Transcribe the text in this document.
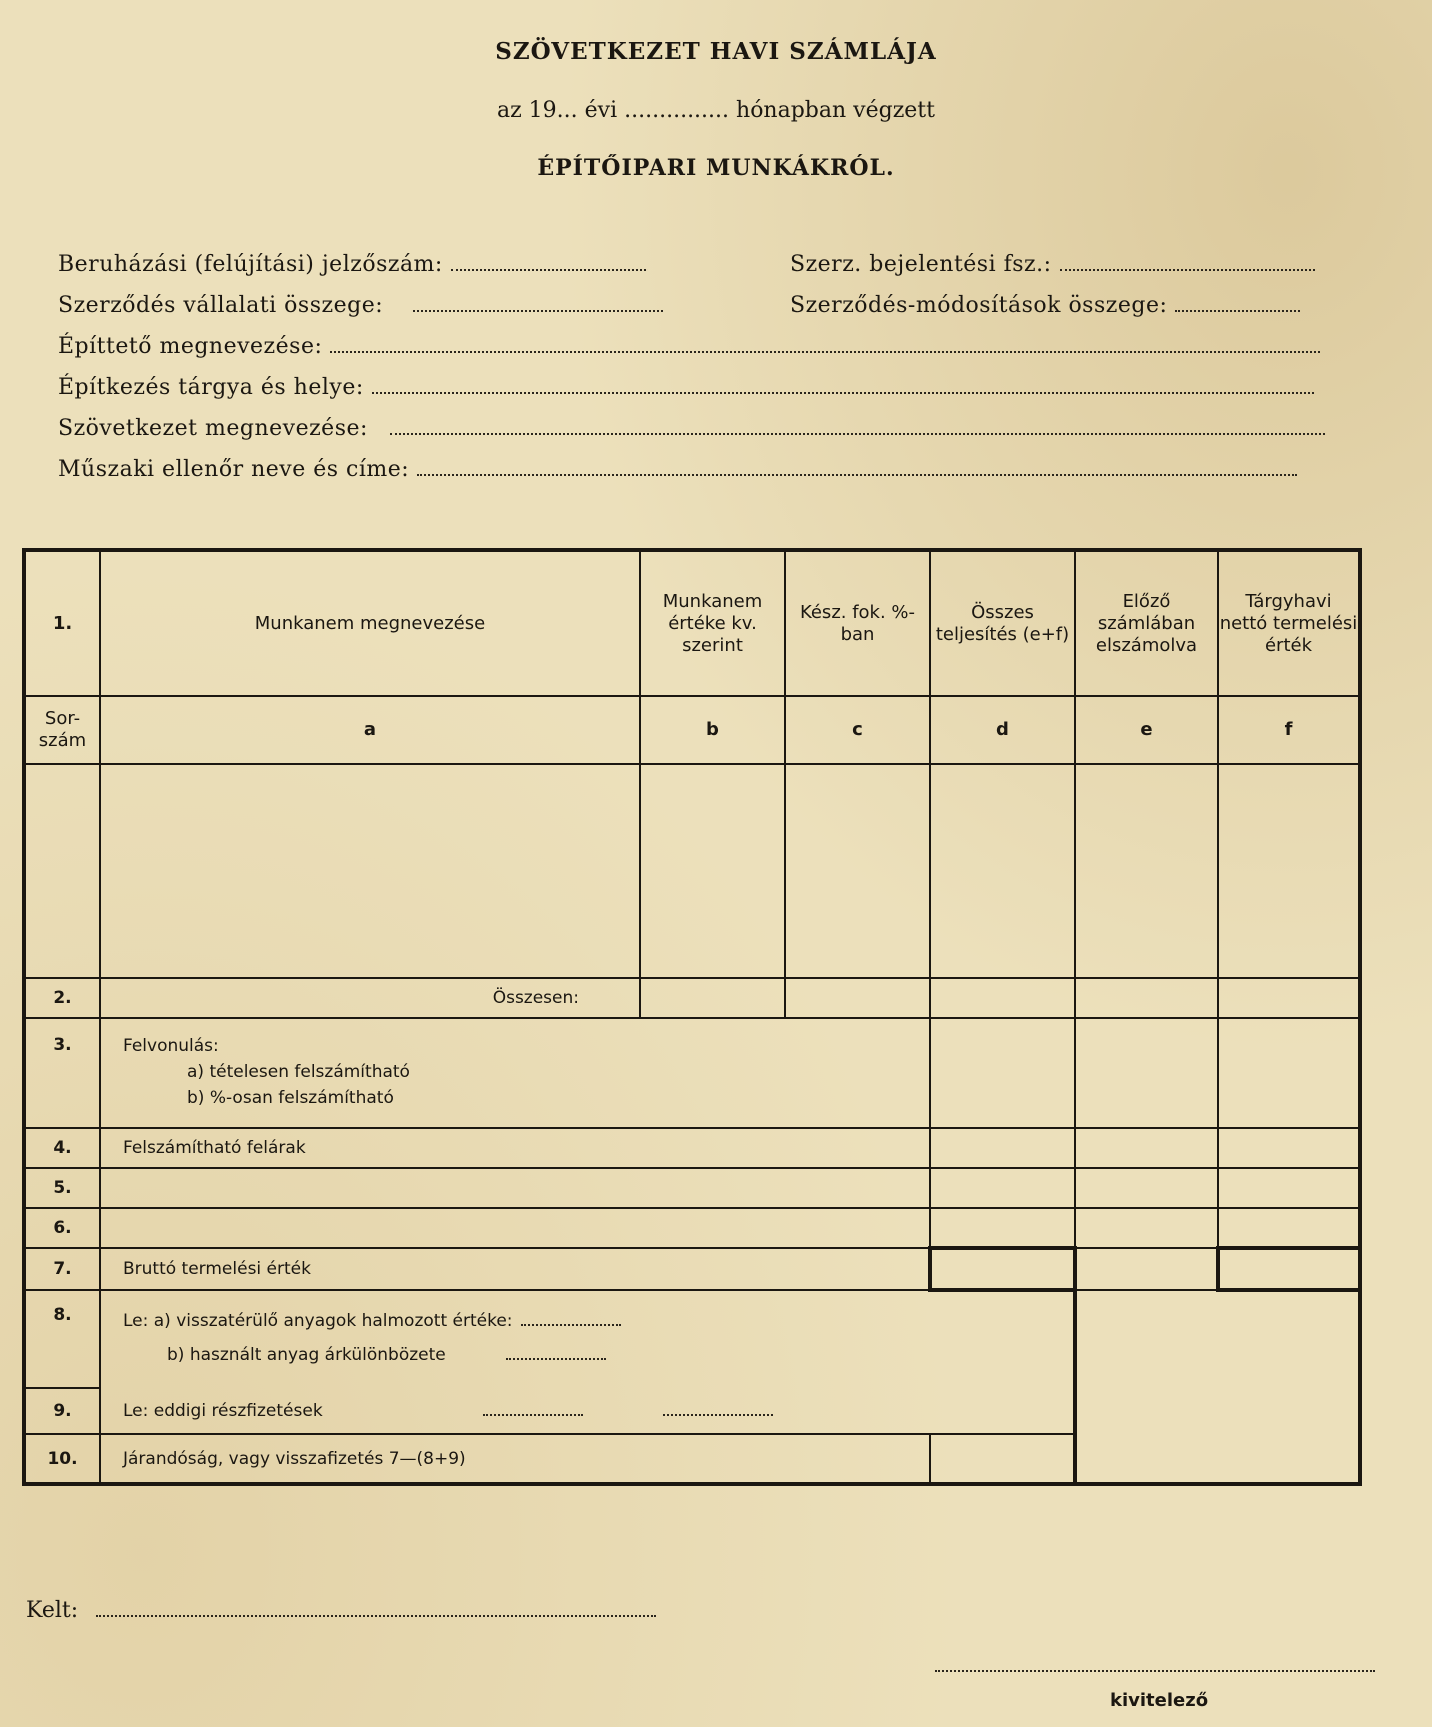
SZÖVETKEZET HAVI SZÁMLÁJA
az 19... évi ............... hónapban végzett
ÉPÍTŐIPARI MUNKÁKRÓL.
Beruházási (felújítási) jelzőszám:	Szerz. bejelentési fsz.:
Szerződés vállalati összege:	Szerződés-módosítások összege:
Építtető megnevezése:
Építkezés tárgya és helye:
Szövetkezet megnevezése:
Műszaki ellenőr neve és címe:
1.	Munkanem megnevezése	Munkanem értéke kv. szerint	Kész. fok. %-ban	Összes teljesítés (e+f)	Előző számlában elszámolva	Tárgyhavi nettó termelési érték
Sor-szám	a	b	c	d	e	f

2.	Összesen:					
3.	Felvonulás:
a) tételesen felszámítható
b) %-osan felszámítható					

4.	Felszámítható felárak					
5.						
6.						
7.	Bruttó termelési érték					
8.	Le: a) visszatérülő anyagok halmozott értéke:
b) használt anyag árkülönbözete					

9.	Le: eddigi részfizetések					
10.	Járandóság, vagy visszafizetés 7—(8+9)					
Kelt:
kivitelező
